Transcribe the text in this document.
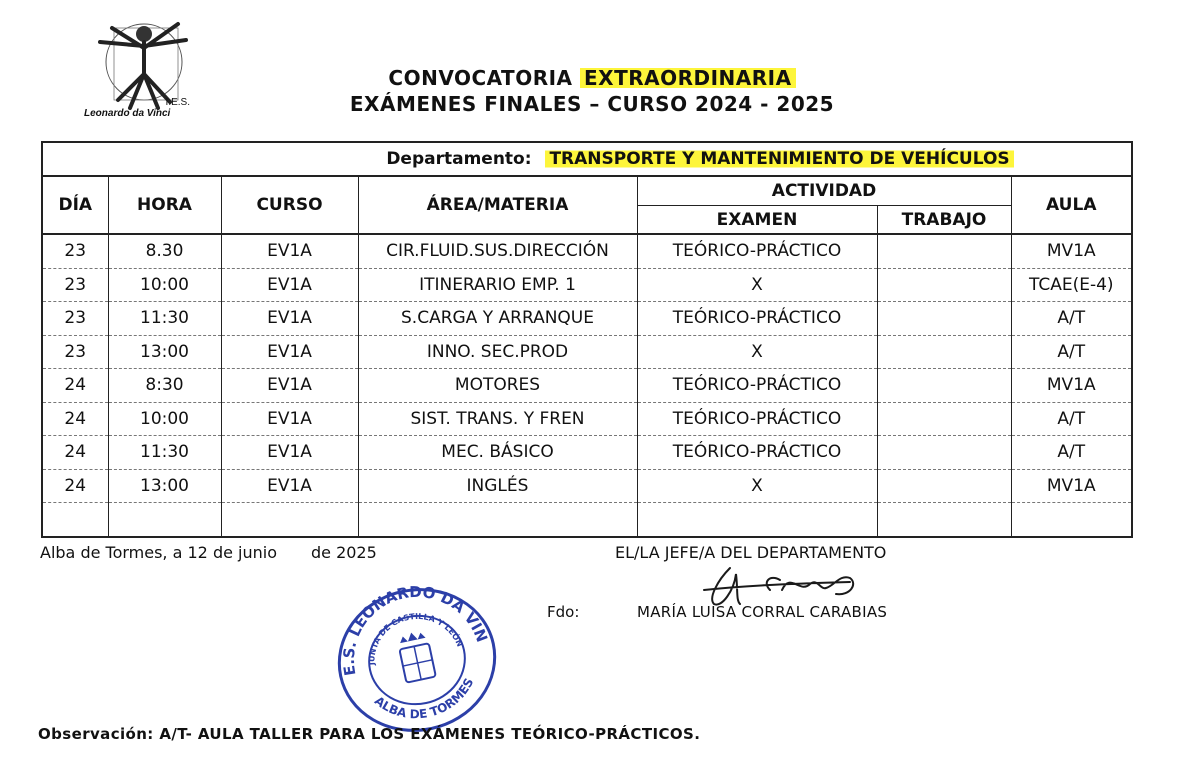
I.E.S.
Leonardo da Vinci
CONVOCATORIA EXTRAORDINARIA
EXÁMENES FINALES – CURSO 2024 - 2025
Departamento: TRANSPORTE Y MANTENIMIENTO DE VEHÍCULOS						
DÍA	HORA	CURSO	ÁREA/MATERIA	ACTIVIDAD		AULA
				EXAMEN	TRABAJO	
23	8.30	EV1A	CIR.FLUID.SUS.DIRECCIÓN	TEÓRICO-PRÁCTICO		MV1A
23	10:00	EV1A	ITINERARIO EMP. 1	X		TCAE(E-4)
23	11:30	EV1A	S.CARGA Y ARRANQUE	TEÓRICO-PRÁCTICO		A/T
23	13:00	EV1A	INNO. SEC.PROD	X		A/T
24	8:30	EV1A	MOTORES	TEÓRICO-PRÁCTICO		MV1A
24	10:00	EV1A	SIST. TRANS. Y FREN	TEÓRICO-PRÁCTICO		A/T
24	11:30	EV1A	MEC. BÁSICO	TEÓRICO-PRÁCTICO		A/T
24	13:00	EV1A	INGLÉS	X		MV1A

Alba de Tormes, a 12 de junio de 2025	EL/LA JEFE/A DEL DEPARTAMENTO
Fdo:	MARÍA LUISA CORRAL CARABIAS
I.E.S. LEONARDO DA VINCI
JUNTA DE CASTILLA Y LEÓN
ALBA DE TORMES
Observación: A/T- AULA TALLER PARA LOS EXÁMENES TEÓRICO-PRÁCTICOS.
